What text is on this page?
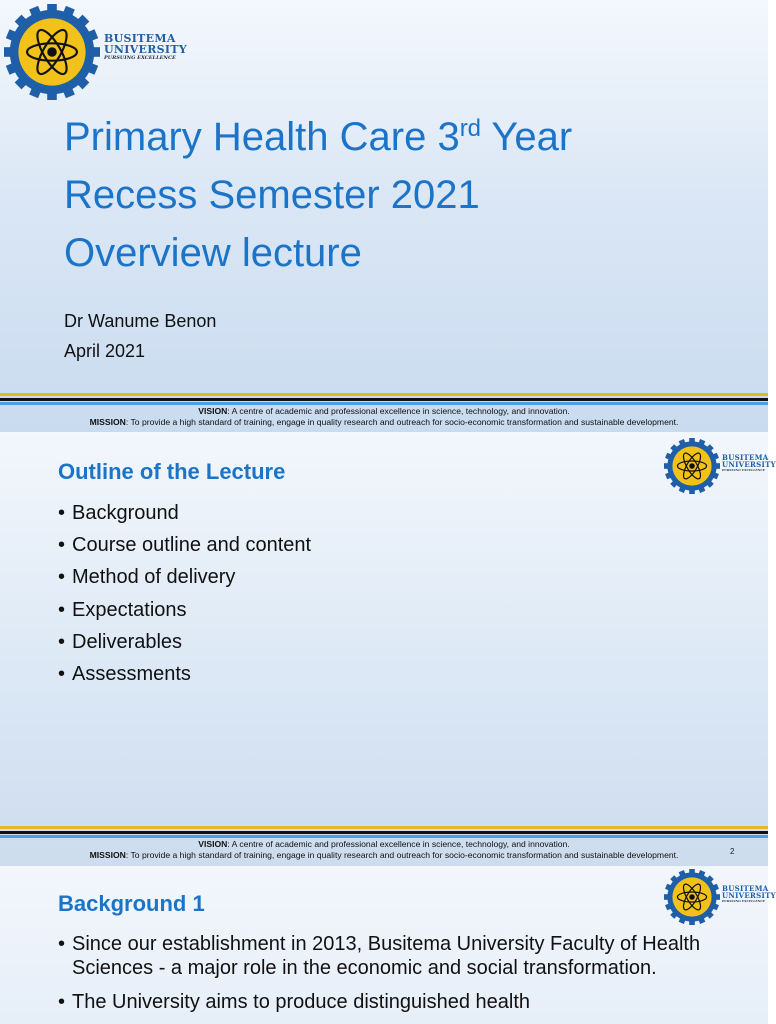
BUSITEMA
UNIVERSITY
PURSUING EXCELLENCE
Primary Health Care 3rd Year
Recess Semester 2021
Overview lecture
Dr Wanume Benon
April 2021
VISION: A centre of academic and professional excellence in science, technology, and innovation.
MISSION: To provide a high standard of training, engage in quality research and outreach for socio-economic transformation and sustainable development.
Outline of the Lecture
BUSITEMA
UNIVERSITY
PURSUING EXCELLENCE
• Background
• Course outline and content
• Method of delivery
• Expectations
• Deliverables
• Assessments
VISION: A centre of academic and professional excellence in science, technology, and innovation.
MISSION: To provide a high standard of training, engage in quality research and outreach for socio-economic transformation and sustainable development.	2
Background 1
BUSITEMA
UNIVERSITY
PURSUING EXCELLENCE
• Since our establishment in 2013, Busitema University Faculty of Health Sciences - a major role in the economic and social transformation.
• The University aims to produce distinguished health
